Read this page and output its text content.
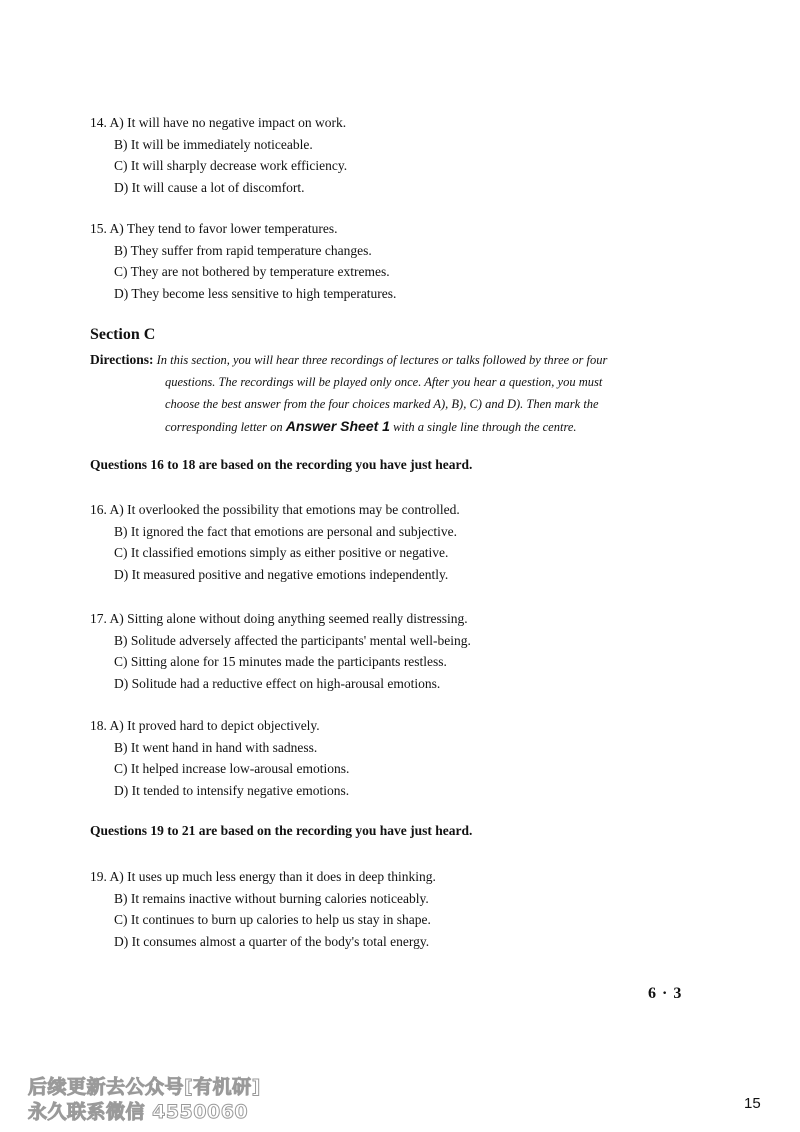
14. A) It will have no negative impact on work.
B) It will be immediately noticeable.
C) It will sharply decrease work efficiency.
D) It will cause a lot of discomfort.
15. A) They tend to favor lower temperatures.
B) They suffer from rapid temperature changes.
C) They are not bothered by temperature extremes.
D) They become less sensitive to high temperatures.
Section C
Directions: In this section, you will hear three recordings of lectures or talks followed by three or four
questions. The recordings will be played only once. After you hear a question, you must
choose the best answer from the four choices marked A), B), C) and D). Then mark the
corresponding letter on Answer Sheet 1 with a single line through the centre.
Questions 16 to 18 are based on the recording you have just heard.
16. A) It overlooked the possibility that emotions may be controlled.
B) It ignored the fact that emotions are personal and subjective.
C) It classified emotions simply as either positive or negative.
D) It measured positive and negative emotions independently.
17. A) Sitting alone without doing anything seemed really distressing.
B) Solitude adversely affected the participants' mental well-being.
C) Sitting alone for 15 minutes made the participants restless.
D) Solitude had a reductive effect on high-arousal emotions.
18. A) It proved hard to depict objectively.
B) It went hand in hand with sadness.
C) It helped increase low-arousal emotions.
D) It tended to intensify negative emotions.
Questions 19 to 21 are based on the recording you have just heard.
19. A) It uses up much less energy than it does in deep thinking.
B) It remains inactive without burning calories noticeably.
C) It continues to burn up calories to help us stay in shape.
D) It consumes almost a quarter of the body's total energy.
6 · 3
后续更新去公众号[有机研]
永久联系微信 4550060	15
